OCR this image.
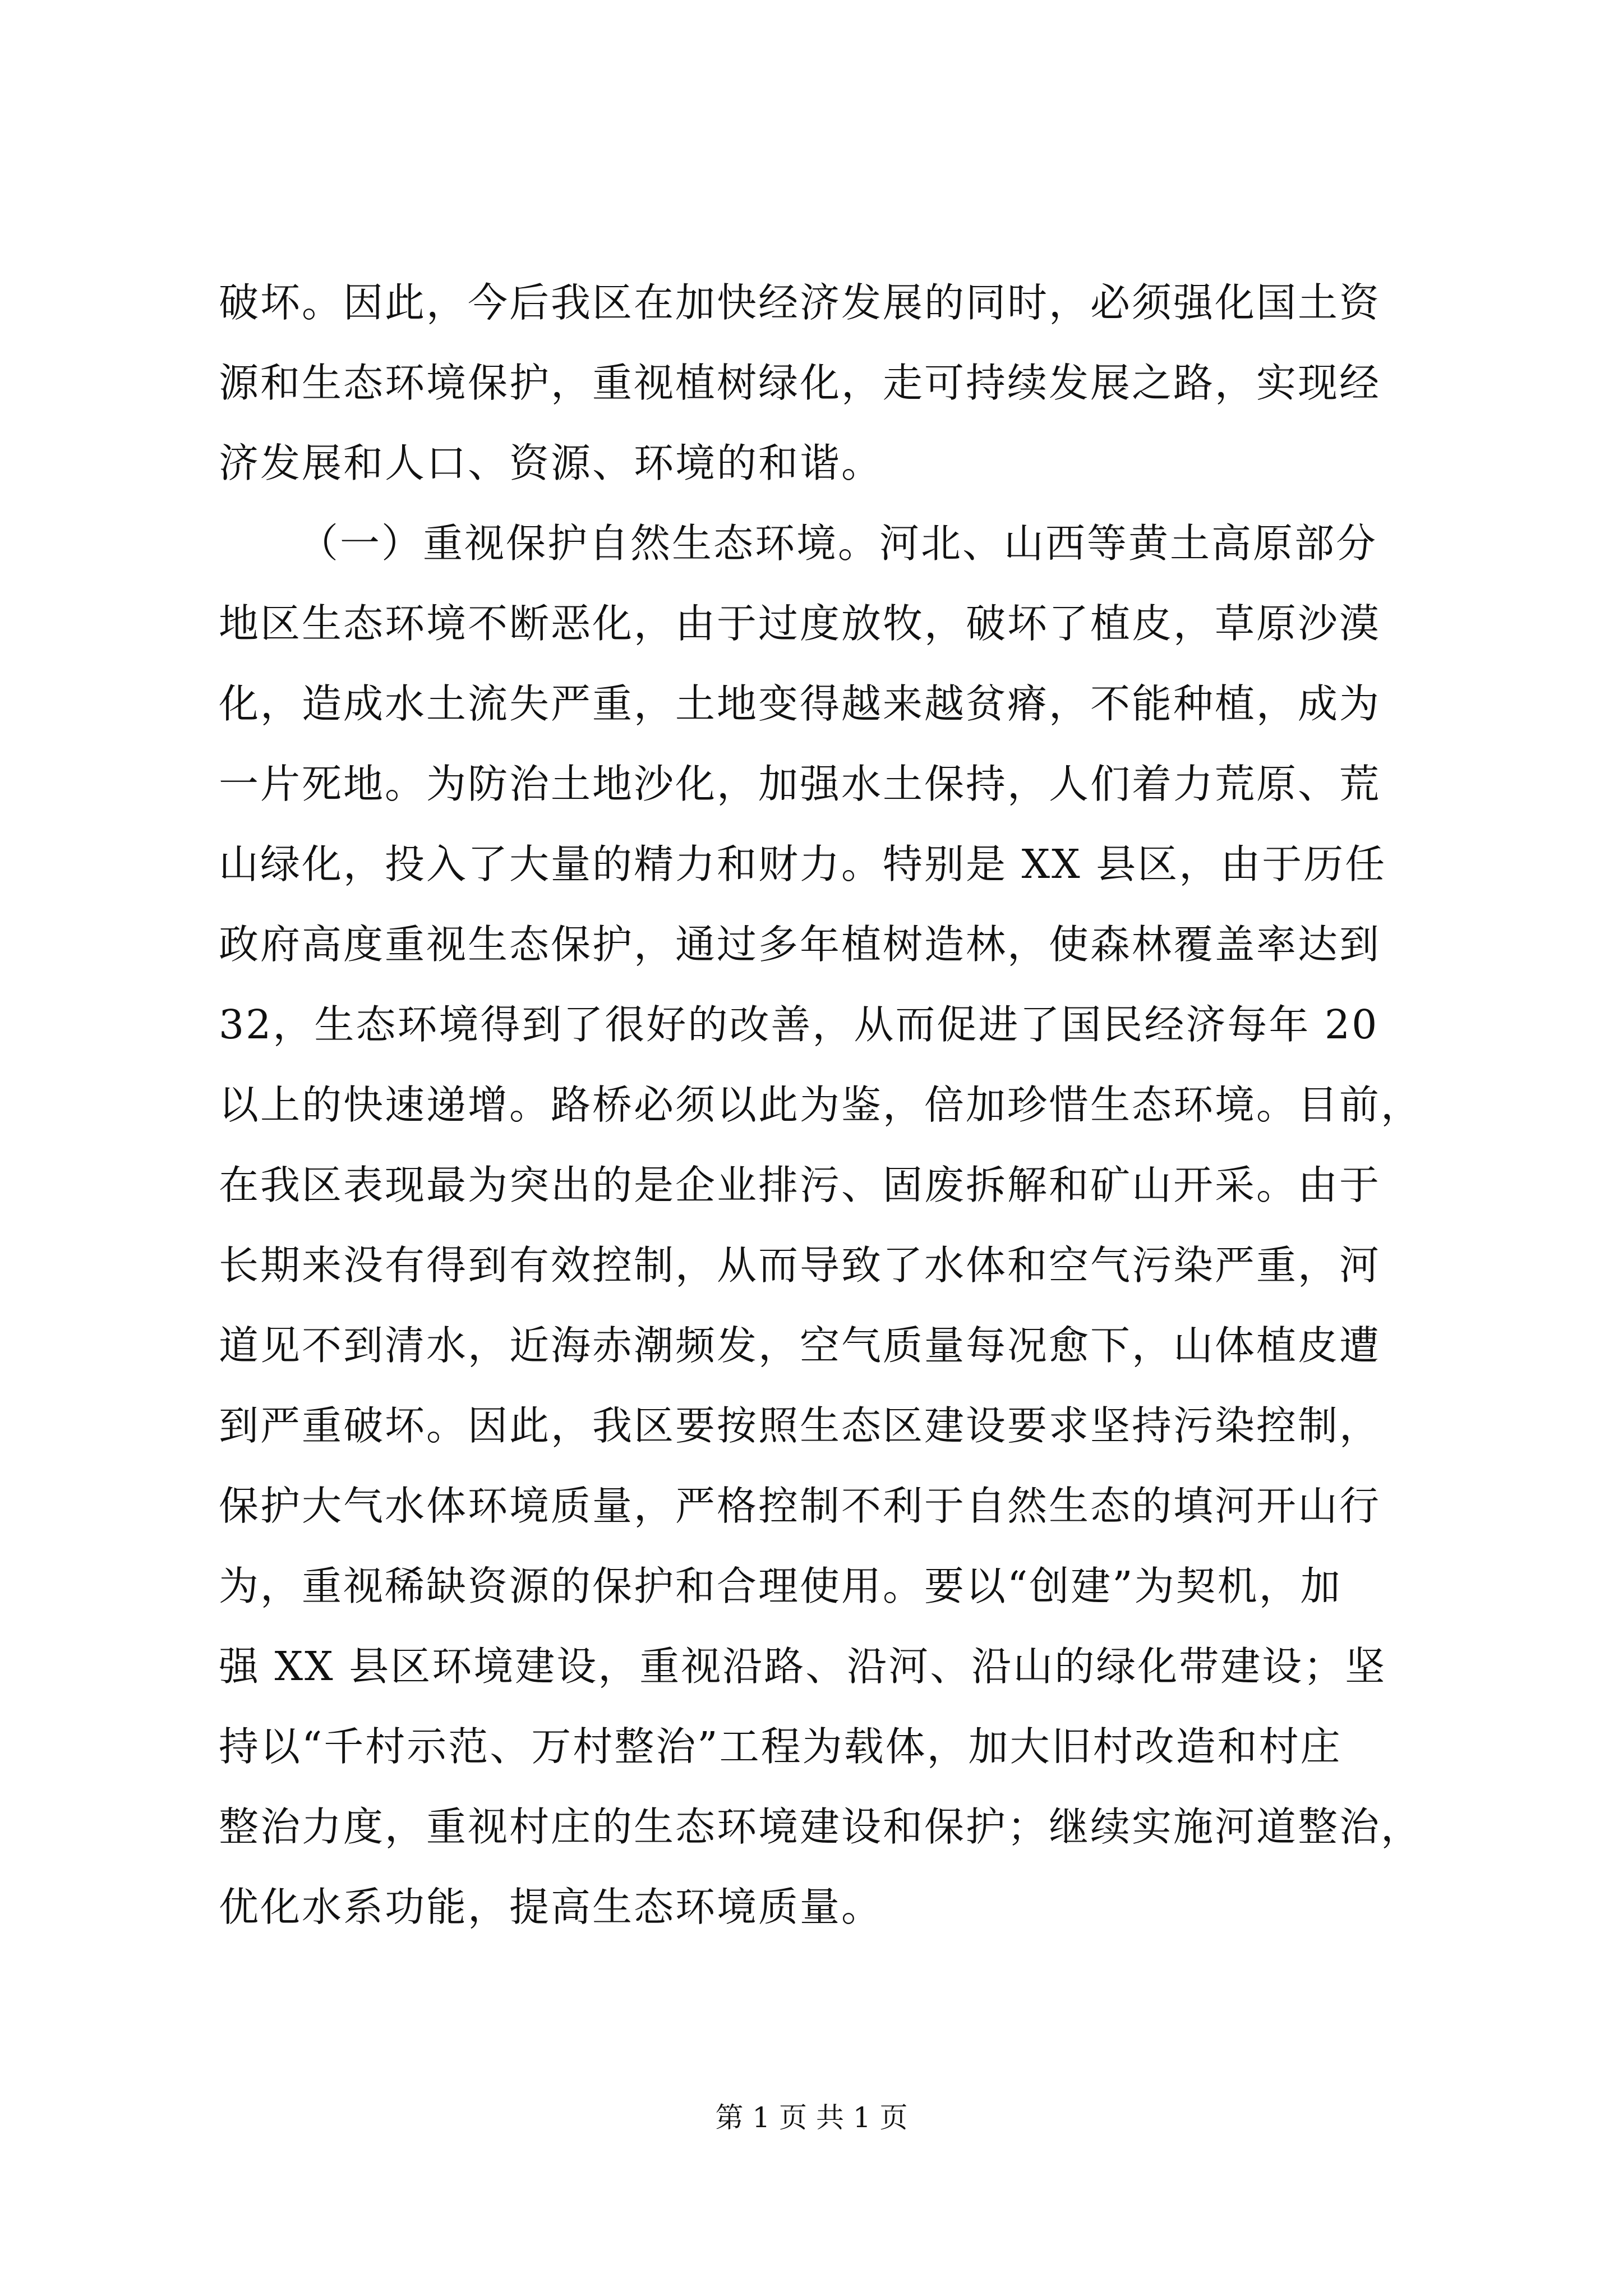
破坏。因此，今后我区在加快经济发展的同时，必须强化国土资
源和生态环境保护，重视植树绿化，走可持续发展之路，实现经
济发展和人口、资源、环境的和谐。
（一）重视保护自然生态环境。河北、山西等黄土高原部分
地区生态环境不断恶化，由于过度放牧，破坏了植皮，草原沙漠
化，造成水土流失严重，土地变得越来越贫瘠，不能种植，成为
一片死地。为防治土地沙化，加强水土保持，人们着力荒原、荒
山绿化，投入了大量的精力和财力。特别是 XX 县区，由于历任
政府高度重视生态保护，通过多年植树造林，使森林覆盖率达到
32，生态环境得到了很好的改善，从而促进了国民经济每年 20
以上的快速递增。路桥必须以此为鉴，倍加珍惜生态环境。目前，
在我区表现最为突出的是企业排污、固废拆解和矿山开采。由于
长期来没有得到有效控制，从而导致了水体和空气污染严重，河
道见不到清水，近海赤潮频发，空气质量每况愈下，山体植皮遭
到严重破坏。因此，我区要按照生态区建设要求坚持污染控制，
保护大气水体环境质量，严格控制不利于自然生态的填河开山行
为，重视稀缺资源的保护和合理使用。要以“创建”为契机，加
强 XX 县区环境建设，重视沿路、沿河、沿山的绿化带建设；坚
持以“千村示范、万村整治”工程为载体，加大旧村改造和村庄
整治力度，重视村庄的生态环境建设和保护；继续实施河道整治，
优化水系功能，提高生态环境质量。
第 1 页 共 1 页
